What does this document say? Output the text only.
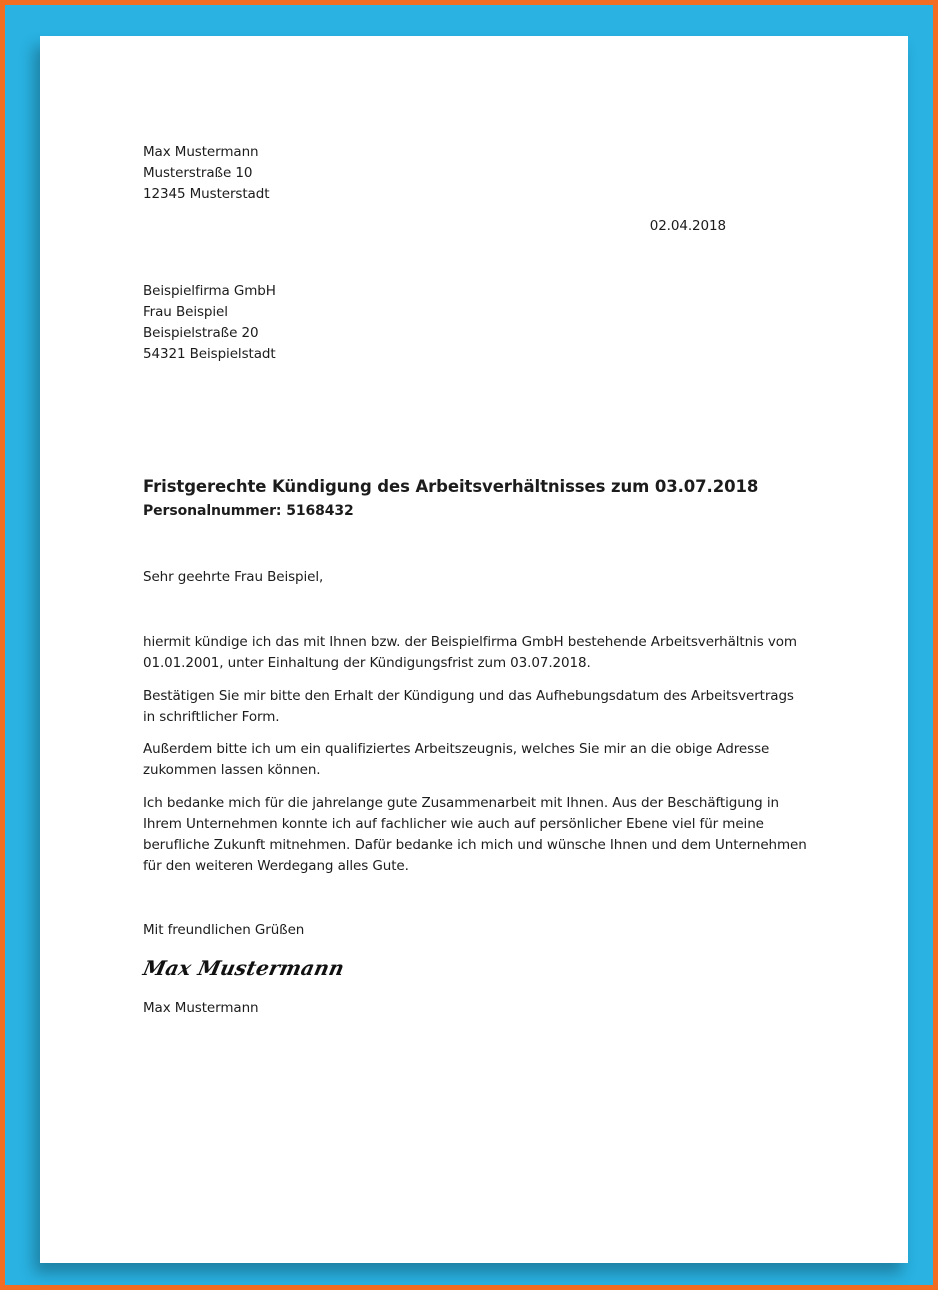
Max Mustermann
Musterstraße 10
12345 Musterstadt
02.04.2018
Beispielfirma GmbH
Frau Beispiel
Beispielstraße 20
54321 Beispielstadt
Fristgerechte Kündigung des Arbeitsverhältnisses zum 03.07.2018
Personalnummer: 5168432
Sehr geehrte Frau Beispiel,

hiermit kündige ich das mit Ihnen bzw. der Beispielfirma GmbH bestehende Arbeitsverhältnis vom 01.01.2001, unter Einhaltung der Kündigungsfrist zum 03.07.2018.

Bestätigen Sie mir bitte den Erhalt der Kündigung und das Aufhebungsdatum des Arbeitsvertrags in schriftlicher Form.

Außerdem bitte ich um ein qualifiziertes Arbeitszeugnis, welches Sie mir an die obige Adresse zukommen lassen können.

Ich bedanke mich für die jahrelange gute Zusammenarbeit mit Ihnen. Aus der Beschäftigung in Ihrem Unternehmen konnte ich auf fachlicher wie auch auf persönlicher Ebene viel für meine berufliche Zukunft mitnehmen. Dafür bedanke ich mich und wünsche Ihnen und dem Unternehmen für den weiteren Werdegang alles Gute.

Mit freundlichen Grüßen
Max Mustermann
Max Mustermann
